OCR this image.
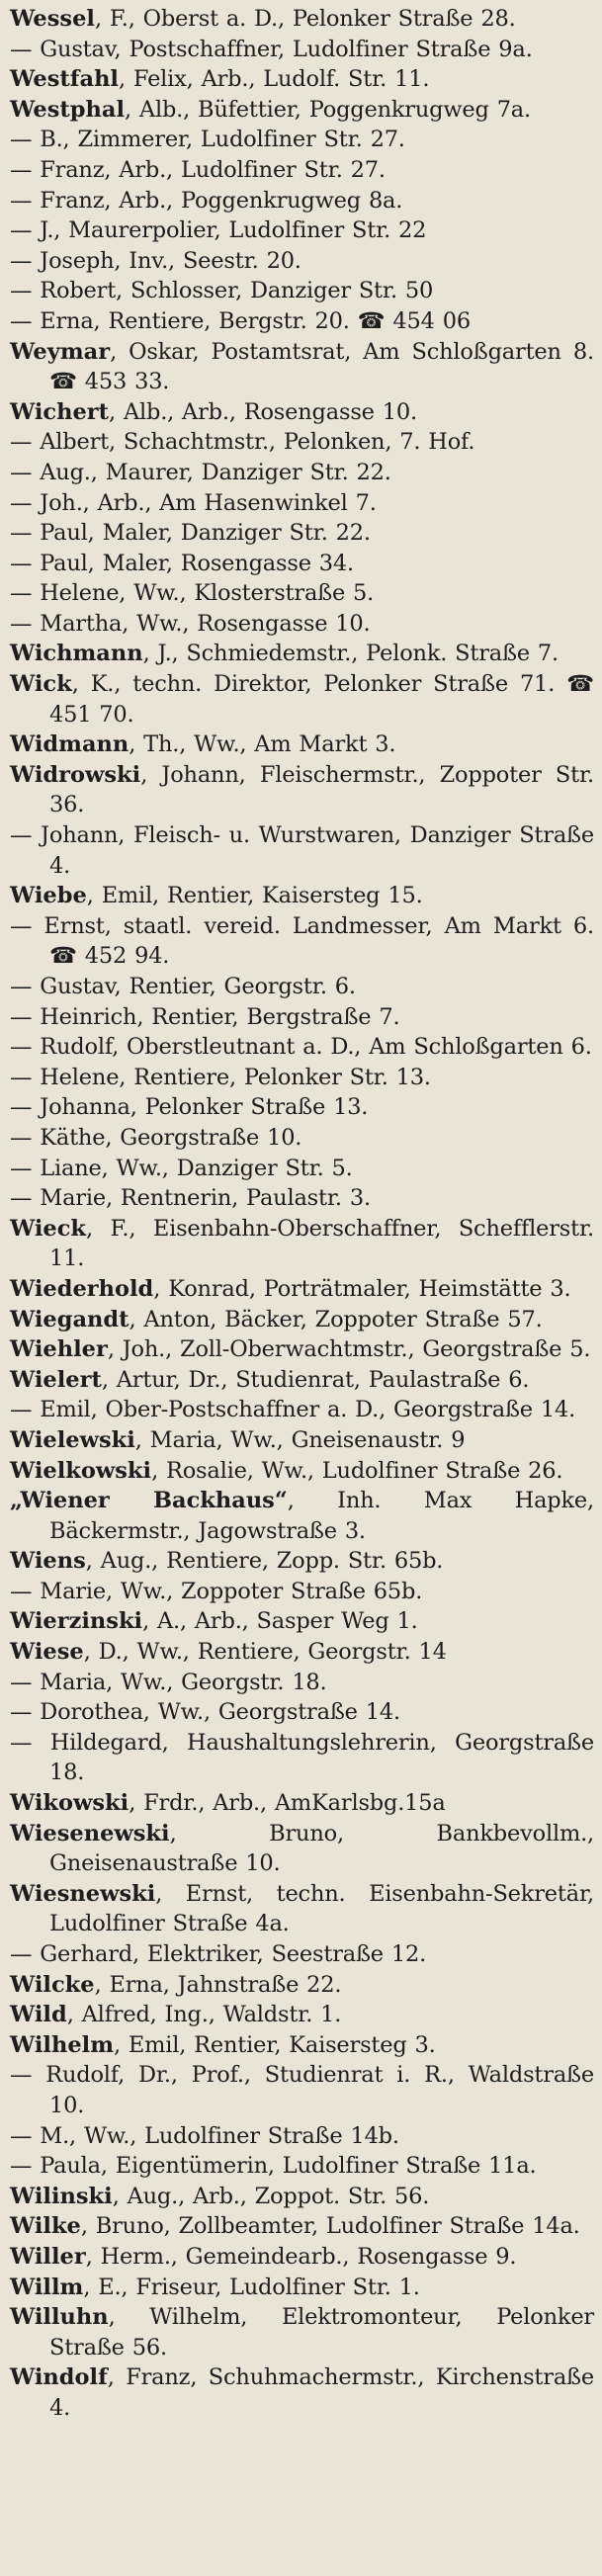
Wessel, F., Oberst a. D., Pelonker Straße 28.

— Gustav, Postschaffner, Ludolfiner Straße 9a.

Westfahl, Felix, Arb., Ludolf. Str. 11.

Westphal, Alb., Büfettier, Poggenkrugweg 7a.

— B., Zimmerer, Ludolfiner Str. 27.

— Franz, Arb., Ludolfiner Str. 27.

— Franz, Arb., Poggenkrugweg 8a.

— J., Maurerpolier, Ludolfiner Str. 22

— Joseph, Inv., Seestr. 20.

— Robert, Schlosser, Danziger Str. 50

— Erna, Rentiere, Bergstr. 20. ☎ 454 06

Weymar, Oskar, Postamtsrat, Am Schloßgarten 8. ☎ 453 33.

Wichert, Alb., Arb., Rosengasse 10.

— Albert, Schachtmstr., Pelonken, 7. Hof.

— Aug., Maurer, Danziger Str. 22.

— Joh., Arb., Am Hasenwinkel 7.

— Paul, Maler, Danziger Str. 22.

— Paul, Maler, Rosengasse 34.

— Helene, Ww., Klosterstraße 5.

— Martha, Ww., Rosengasse 10.

Wichmann, J., Schmiedemstr., Pelonk. Straße 7.

Wick, K., techn. Direktor, Pelonker Straße 71. ☎ 451 70.

Widmann, Th., Ww., Am Markt 3.

Widrowski, Johann, Fleischermstr., Zoppoter Str. 36.

— Johann, Fleisch- u. Wurstwaren, Danziger Straße 4.

Wiebe, Emil, Rentier, Kaisersteg 15.

— Ernst, staatl. vereid. Landmesser, Am Markt 6. ☎ 452 94.

— Gustav, Rentier, Georgstr. 6.

— Heinrich, Rentier, Bergstraße 7.

— Rudolf, Oberstleutnant a. D., Am Schloßgarten 6.

— Helene, Rentiere, Pelonker Str. 13.

— Johanna, Pelonker Straße 13.

— Käthe, Georgstraße 10.

— Liane, Ww., Danziger Str. 5.

— Marie, Rentnerin, Paulastr. 3.

Wieck, F., Eisenbahn-Oberschaffner, Schefflerstr. 11.

Wiederhold, Konrad, Porträtmaler, Heimstätte 3.

Wiegandt, Anton, Bäcker, Zoppoter Straße 57.

Wiehler, Joh., Zoll-Oberwachtmstr., Georgstraße 5.

Wielert, Artur, Dr., Studienrat, Paulastraße 6.

— Emil, Ober-Postschaffner a. D., Georgstraße 14.

Wielewski, Maria, Ww., Gneisenaustr. 9

Wielkowski, Rosalie, Ww., Ludolfiner Straße 26.

„Wiener Backhaus“, Inh. Max Hapke, Bäckermstr., Jagowstraße 3.

Wiens, Aug., Rentiere, Zopp. Str. 65b.

— Marie, Ww., Zoppoter Straße 65b.

Wierzinski, A., Arb., Sasper Weg 1.

Wiese, D., Ww., Rentiere, Georgstr. 14

— Maria, Ww., Georgstr. 18.

— Dorothea, Ww., Georgstraße 14.

— Hildegard, Haushaltungslehrerin, Georgstraße 18.

Wikowski, Frdr., Arb., AmKarlsbg.15a

Wiesenewski, Bruno, Bankbevollm., Gneisenaustraße 10.

Wiesnewski, Ernst, techn. Eisenbahn-Sekretär, Ludolfiner Straße 4a.

— Gerhard, Elektriker, Seestraße 12.

Wilcke, Erna, Jahnstraße 22.

Wild, Alfred, Ing., Waldstr. 1.

Wilhelm, Emil, Rentier, Kaisersteg 3.

— Rudolf, Dr., Prof., Studienrat i. R., Waldstraße 10.

— M., Ww., Ludolfiner Straße 14b.

— Paula, Eigentümerin, Ludolfiner Straße 11a.

Wilinski, Aug., Arb., Zoppot. Str. 56.

Wilke, Bruno, Zollbeamter, Ludolfiner Straße 14a.

Willer, Herm., Gemeindearb., Rosengasse 9.

Willm, E., Friseur, Ludolfiner Str. 1.

Willuhn, Wilhelm, Elektromonteur, Pelonker Straße 56.

Windolf, Franz, Schuhmachermstr., Kirchenstraße 4.
